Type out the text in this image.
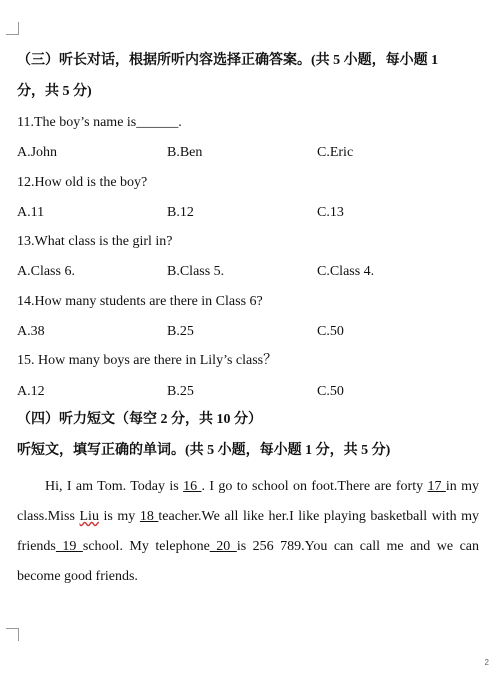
（三）听长对话，根据所听内容选择正确答案。(共 5 小题，每小题 1
分，共 5 分)
11.The boy’s name is______.
A.John	B.Ben	C.Eric
12.How old is the boy?
A.11	B.12	C.13
13.What class is the girl in?
A.Class 6.	B.Class 5.	C.Class 4.
14.How many students are there in Class 6?
A.38	B.25	C.50
15. How many boys are there in Lily’s class？
A.12	B.25	C.50
（四）听力短文（每空 2 分，共 10 分）
听短文，填写正确的单词。(共 5 小题，每小题 1 分，共 5 分)
Hi, I am Tom. Today is 16 . I go to school on foot.There are forty 17 in my class.Miss Liu is my 18 teacher.We all like her.I like playing basketball with my friends 19 school. My telephone 20 is 256 789.You can call me and we can become good friends.
2
